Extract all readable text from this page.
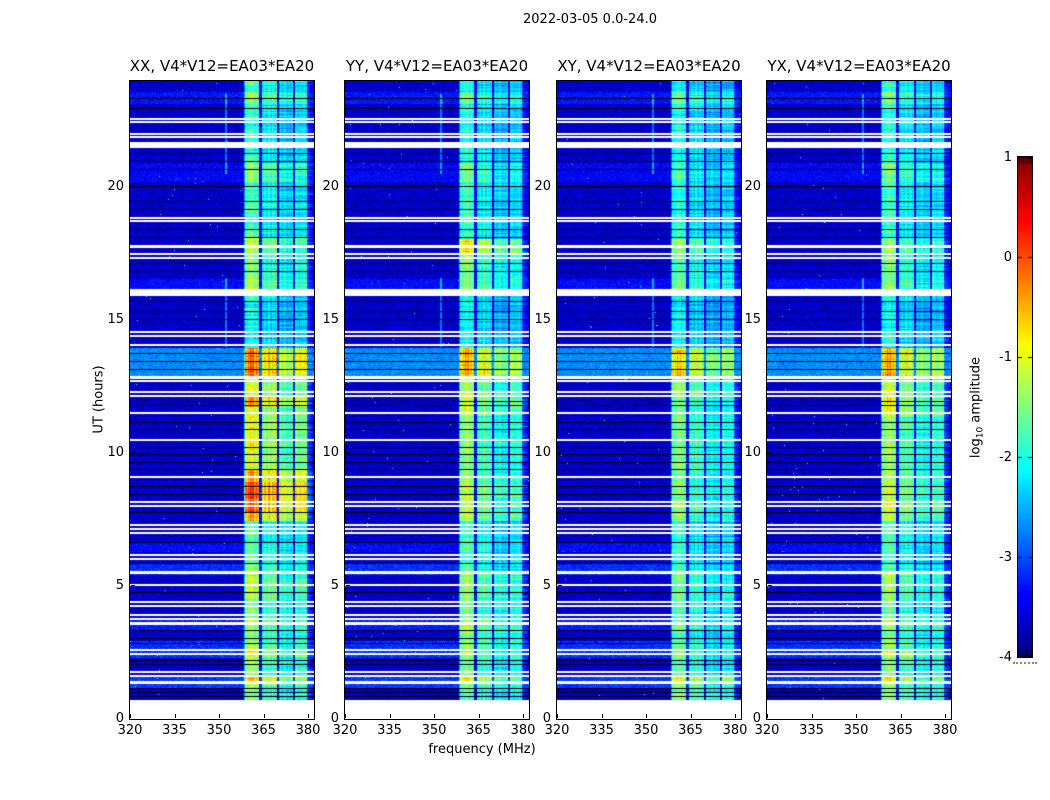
2022-03-05 0.0-24.0
XX, V4*V12=EA03*EA20	YY, V4*V12=EA03*EA20	XY, V4*V12=EA03*EA20	YX, V4*V12=EA03*EA20
UT (hours)
frequency (MHz)
$\log_{10}$ amplitude
320	335	350	365	380
0
5
10
15
20
320	335	350	365	380
0
5
10
15
20
320	335	350	365	380
0
5
10
15
20
320	335	350	365	380
0
5
10
15
20
1
0
-1
-2
-3
-4
